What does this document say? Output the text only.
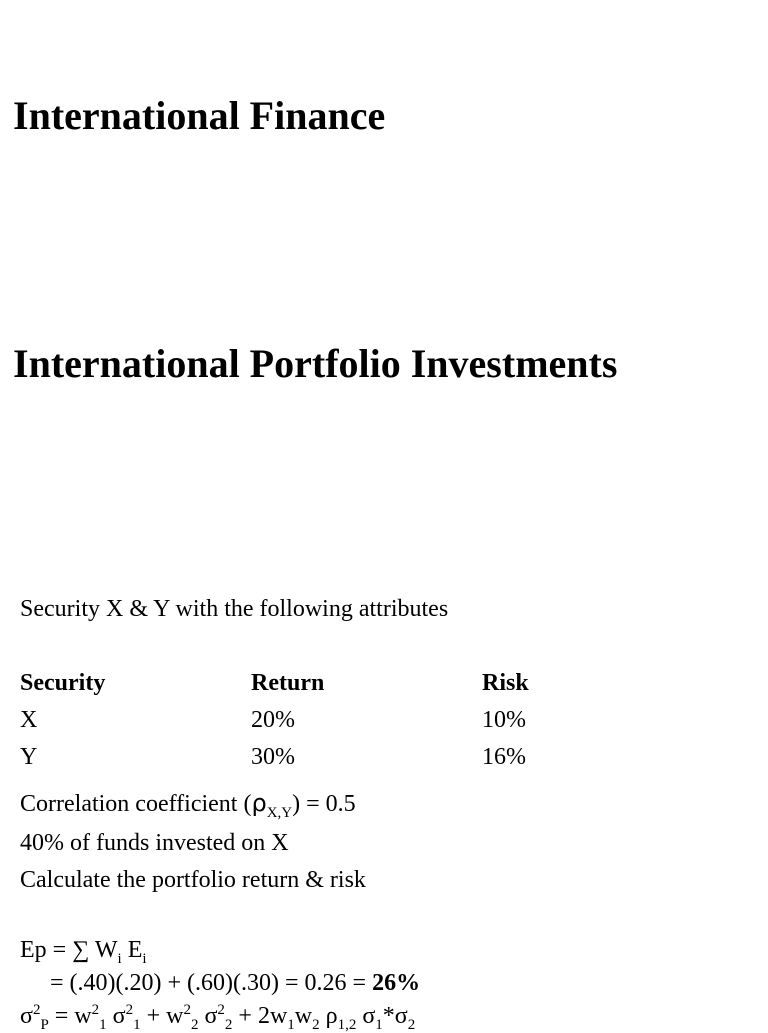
International Finance
International Portfolio Investments
Security X & Y with the following attributes
Security	Return	Risk
X	20%	10%
Y	30%	16%
Correlation coefficient $(\rho_{X,Y}) = 0.5$
40% of funds invested on X
Calculate the portfolio return & risk
Ep = ∑ $W_i$ $E_i$
= (.40)(.20) + (.60)(.30) = 0.26 = 26%
$\sigma^2_P = w^2_1$ $\sigma^2_1 + w^2_2$ $\sigma^2_2 + 2w_1w_2$ $\rho_{1,2}$ $\sigma_1*\sigma_2$
